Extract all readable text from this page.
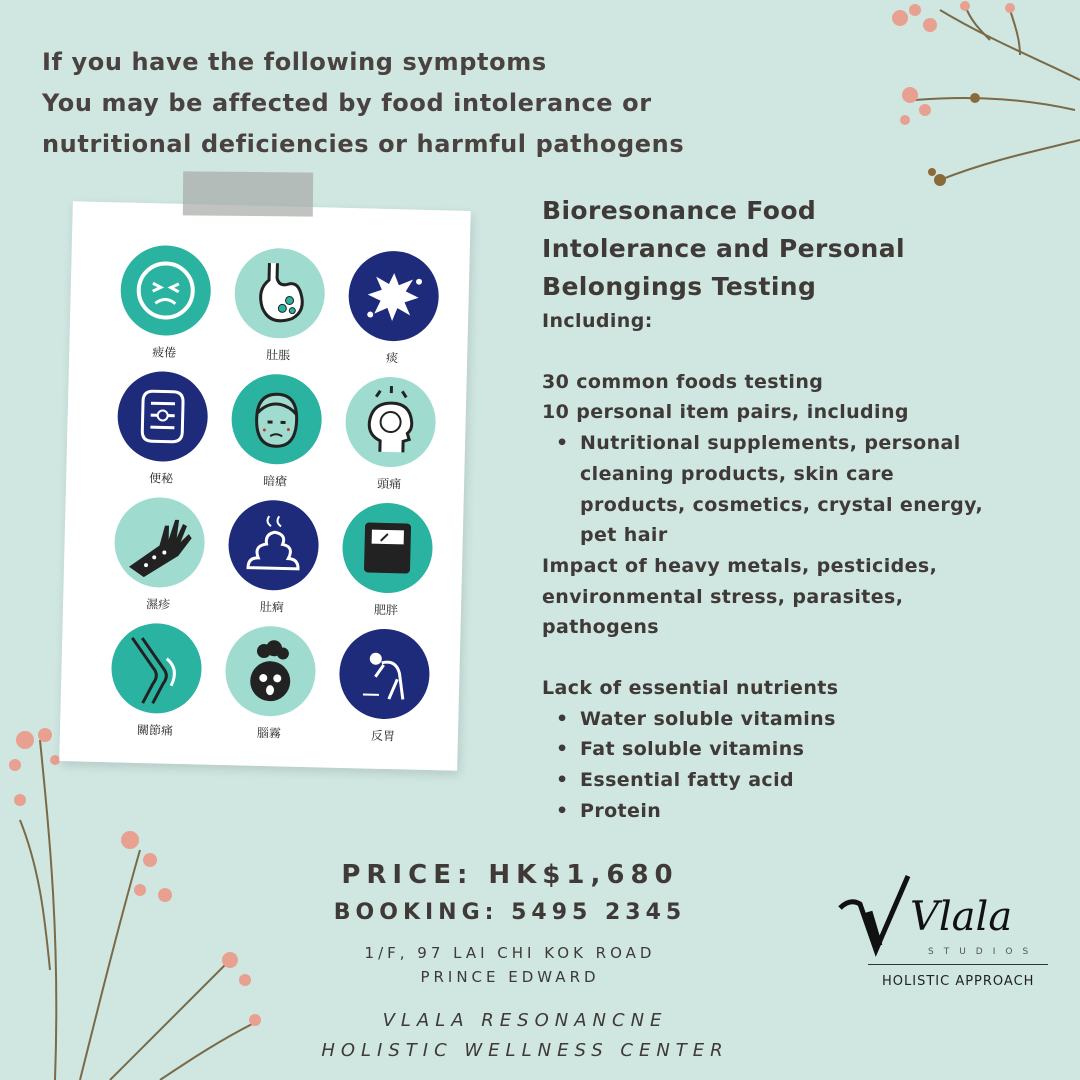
If you have the following symptoms
You may be affected by food intolerance or
nutritional deficiencies or harmful pathogens
疲倦	肚脹	痰
便秘	暗瘡	頭痛
濕疹	肚痾	肥胖
關節痛	腦霧	反胃
Bioresonance Food
Intolerance and Personal
Belongings Testing
Including:
30 common foods testing
10 personal item pairs, including
• Nutritional supplements, personal
cleaning products, skin care
products, cosmetics, crystal energy,
pet hair
Impact of heavy metals, pesticides,
environmental stress, parasites,
pathogens
Lack of essential nutrients
• Water soluble vitamins
• Fat soluble vitamins
• Essential fatty acid
• Protein
PRICE: HK$1,680
BOOKING: 5495 2345
1/F, 97 LAI CHI KOK ROAD
PRINCE EDWARD
VLALA RESONANCNE
HOLISTIC WELLNESS CENTER
Vlala
STUDIOS
HOLISTIC APPROACH
